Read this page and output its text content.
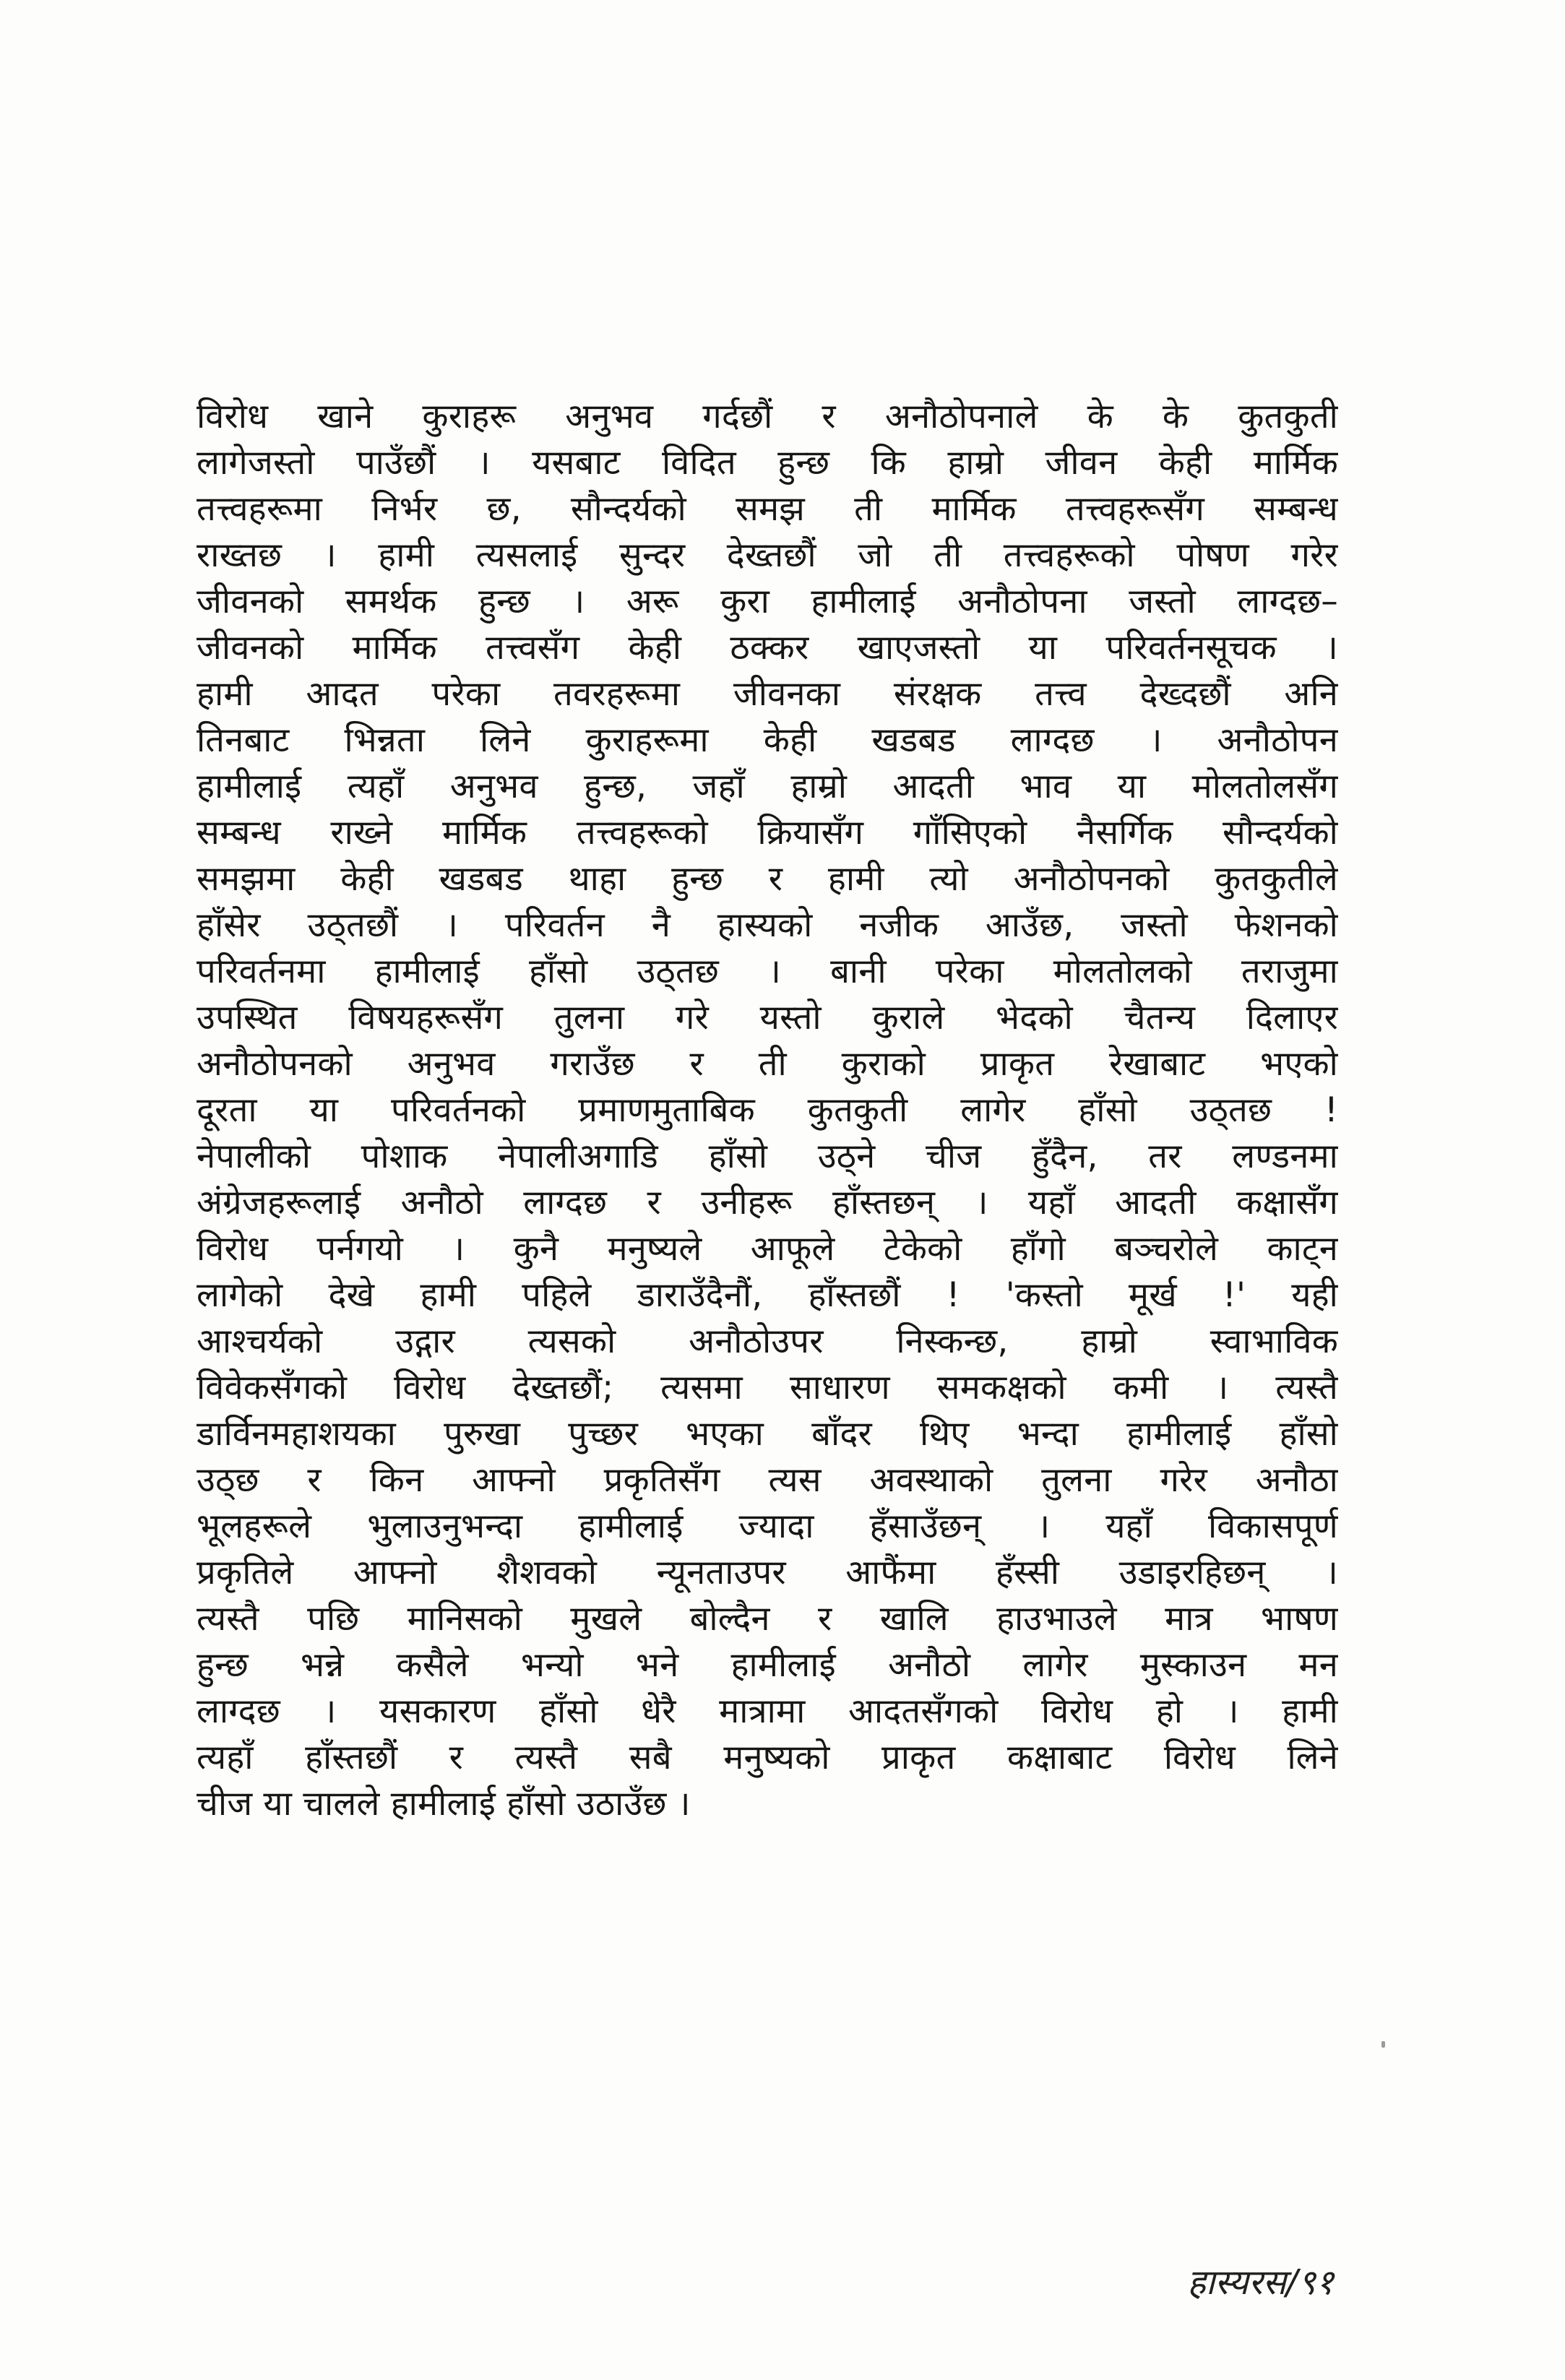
विरोध खाने कुराहरू अनुभव गर्दछौं र अनौठोपनाले के के कुतकुती
लागेजस्तो पाउँछौं । यसबाट विदित हुन्छ कि हाम्रो जीवन केही मार्मिक
तत्त्वहरूमा निर्भर छ, सौन्दर्यको समझ ती मार्मिक तत्त्वहरूसँग सम्बन्ध
राख्तछ । हामी त्यसलाई सुन्दर देख्तछौं जो ती तत्त्वहरूको पोषण गरेर
जीवनको समर्थक हुन्छ । अरू कुरा हामीलाई अनौठोपना जस्तो लाग्दछ–
जीवनको मार्मिक तत्त्वसँग केही ठक्कर खाएजस्तो या परिवर्तनसूचक ।
हामी आदत परेका तवरहरूमा जीवनका संरक्षक तत्त्व देख्दछौं अनि
तिनबाट भिन्नता लिने कुराहरूमा केही खडबड लाग्दछ । अनौठोपन
हामीलाई त्यहाँ अनुभव हुन्छ, जहाँ हाम्रो आदती भाव या मोलतोलसँग
सम्बन्ध राख्ने मार्मिक तत्त्वहरूको क्रियासँग गाँसिएको नैसर्गिक सौन्दर्यको
समझमा केही खडबड थाहा हुन्छ र हामी त्यो अनौठोपनको कुतकुतीले
हाँसेर उठ्तछौं । परिवर्तन नै हास्यको नजीक आउँछ, जस्तो फेशनको
परिवर्तनमा हामीलाई हाँसो उठ्तछ । बानी परेका मोलतोलको तराजुमा
उपस्थित विषयहरूसँग तुलना गरे यस्तो कुराले भेदको चैतन्य दिलाएर
अनौठोपनको अनुभव गराउँछ र ती कुराको प्राकृत रेखाबाट भएको
दूरता या परिवर्तनको प्रमाणमुताबिक कुतकुती लागेर हाँसो उठ्तछ !
नेपालीको पोशाक नेपालीअगाडि हाँसो उठ्ने चीज हुँदैन, तर लण्डनमा
अंग्रेजहरूलाई अनौठो लाग्दछ र उनीहरू हाँस्तछन् । यहाँ आदती कक्षासँग
विरोध पर्नगयो । कुनै मनुष्यले आफूले टेकेको हाँगो बञ्चरोले काट्न
लागेको देखे हामी पहिले डाराउँदैनौं, हाँस्तछौं ! 'कस्तो मूर्ख !' यही
आश्चर्यको उद्गार त्यसको अनौठोउपर निस्कन्छ, हाम्रो स्वाभाविक
विवेकसँगको विरोध देख्तछौं; त्यसमा साधारण समकक्षको कमी । त्यस्तै
डार्विनमहाशयका पुरुखा पुच्छर भएका बाँदर थिए भन्दा हामीलाई हाँसो
उठ्छ र किन आफ्नो प्रकृतिसँग त्यस अवस्थाको तुलना गरेर अनौठा
भूलहरूले भुलाउनुभन्दा हामीलाई ज्यादा हँसाउँछन् । यहाँ विकासपूर्ण
प्रकृतिले आफ्नो शैशवको न्यूनताउपर आफैंमा हँस्सी उडाइरहिछन् ।
त्यस्तै पछि मानिसको मुखले बोल्दैन र खालि हाउभाउले मात्र भाषण
हुन्छ भन्ने कसैले भन्यो भने हामीलाई अनौठो लागेर मुस्काउन मन
लाग्दछ । यसकारण हाँसो धेरै मात्रामा आदतसँगको विरोध हो । हामी
त्यहाँ हाँस्तछौं र त्यस्तै सबै मनुष्यको प्राकृत कक्षाबाट विरोध लिने
चीज या चालले हामीलाई हाँसो उठाउँछ ।
हास्यरस/९१
